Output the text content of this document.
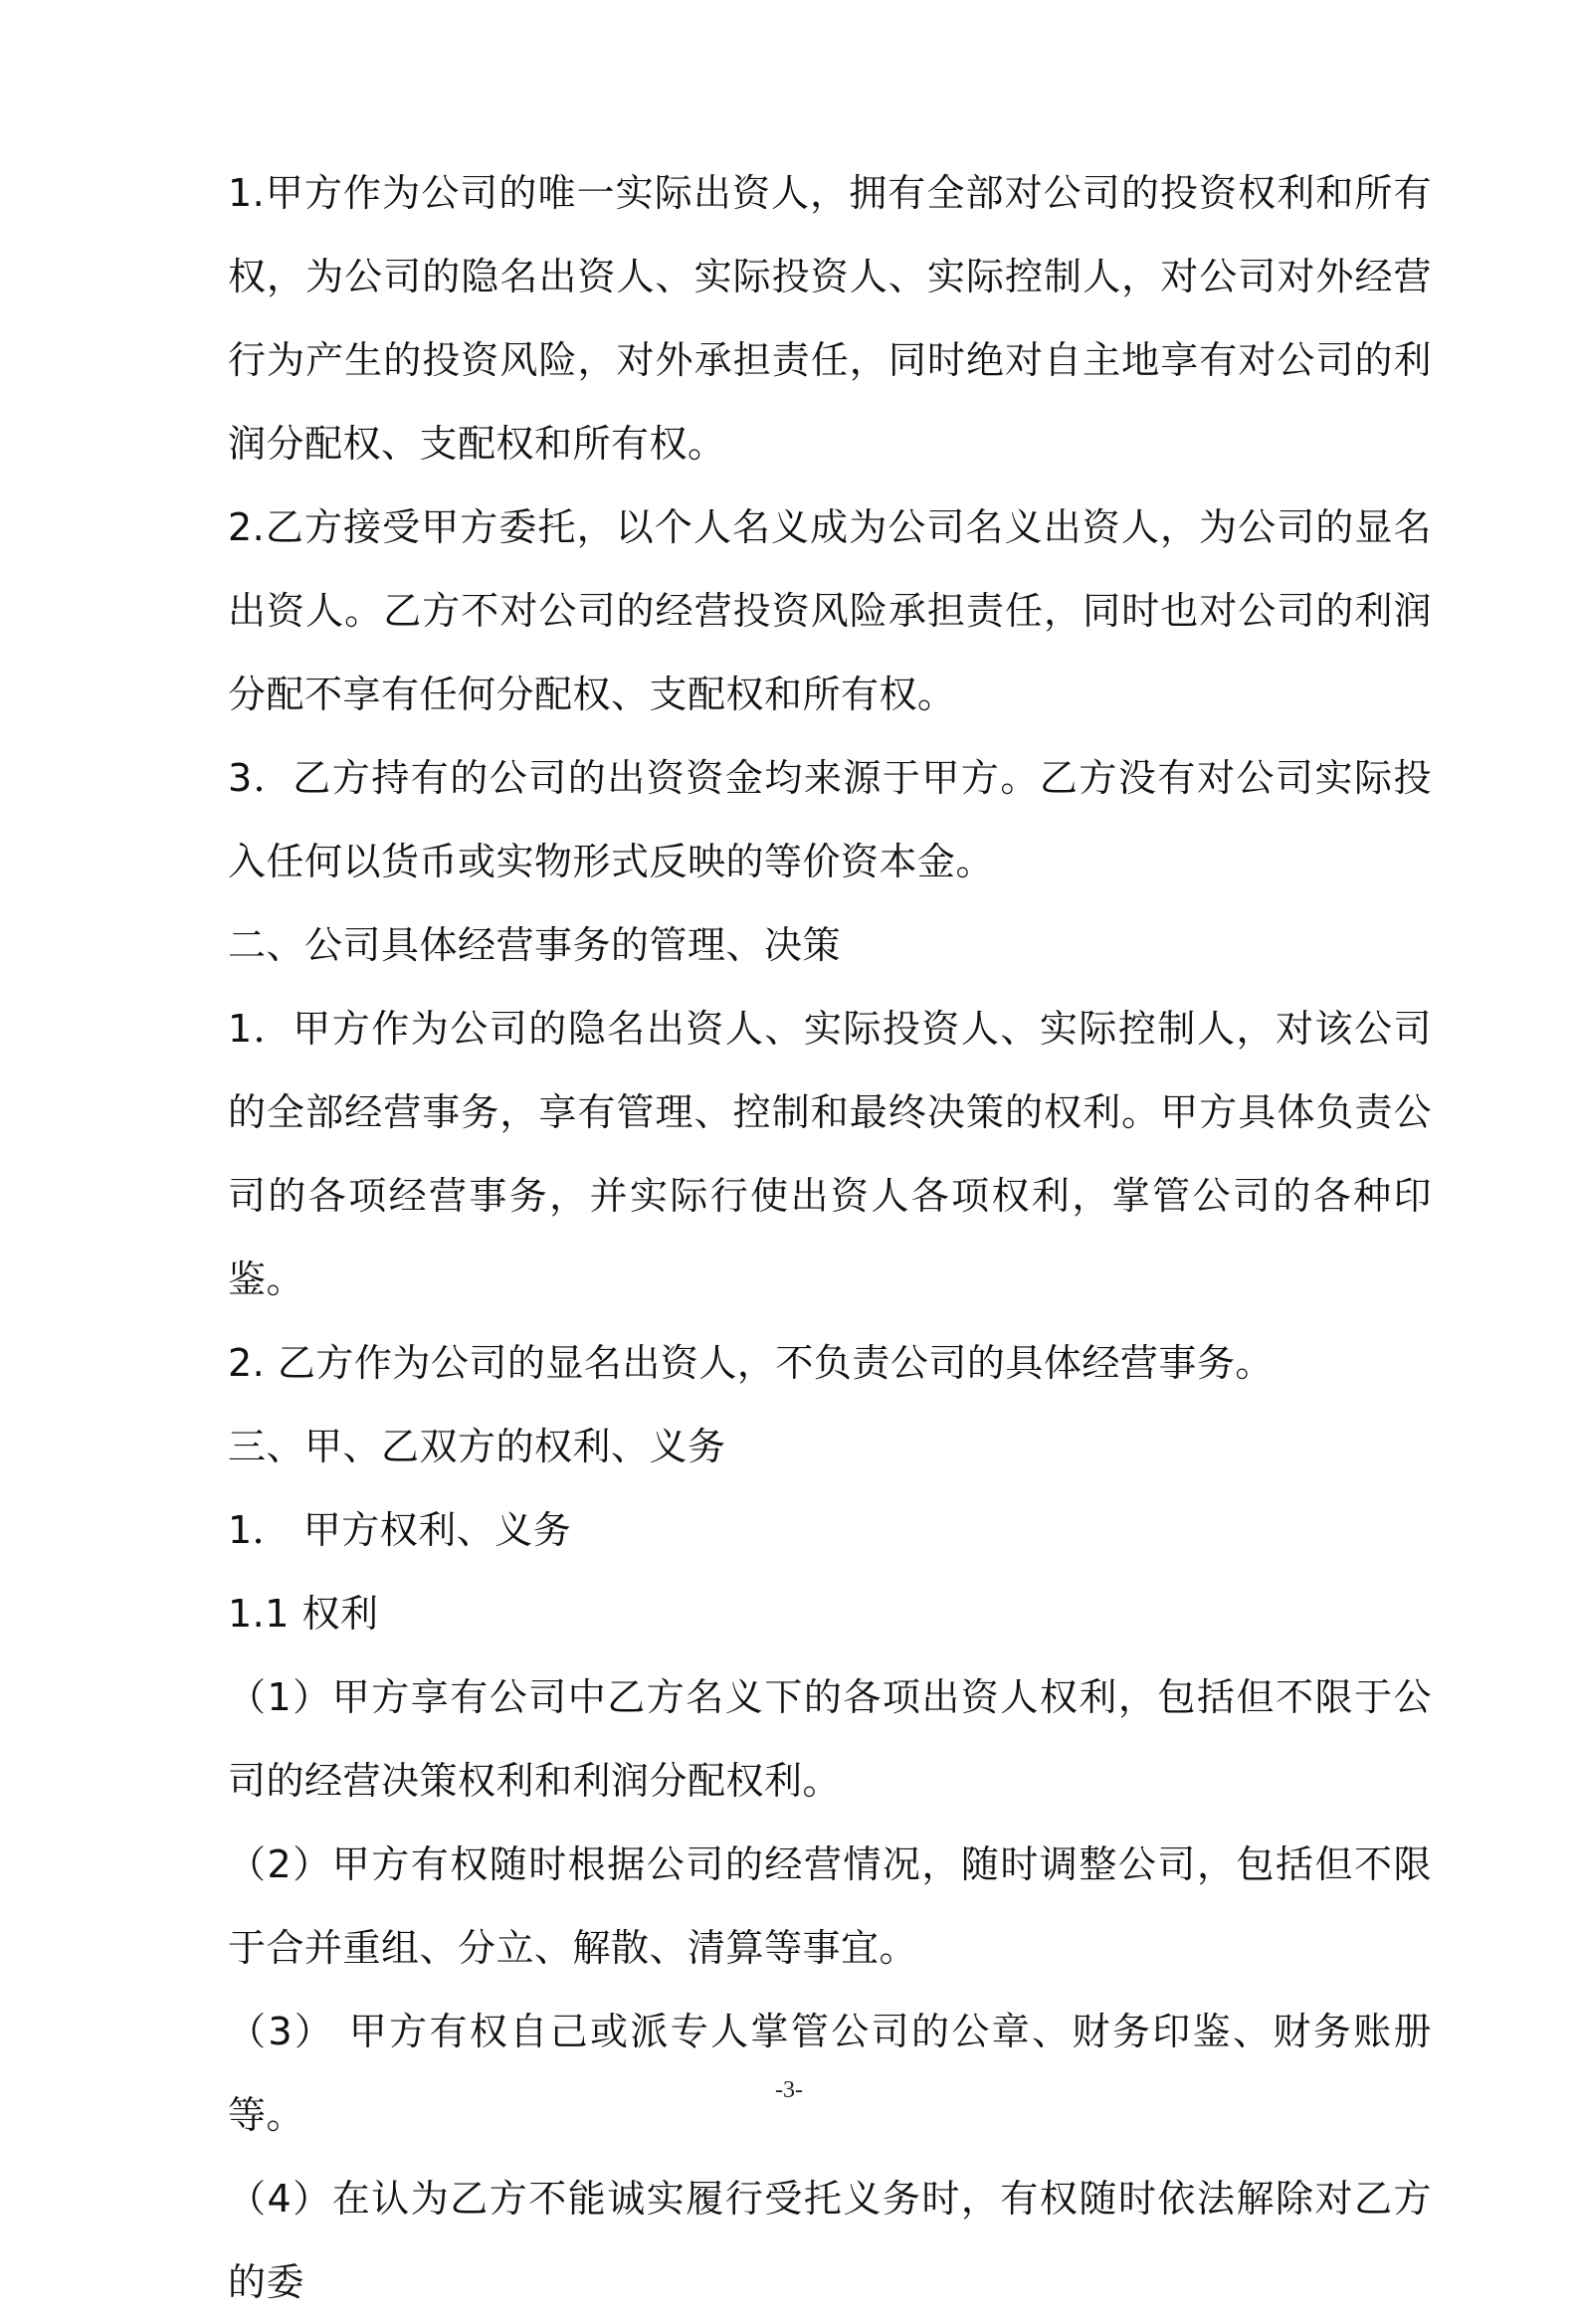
1.甲方作为公司的唯一实际出资人，拥有全部对公司的投资权利和所有权，为公司的隐名出资人、实际投资人、实际控制人，对公司对外经营行为产生的投资风险，对外承担责任，同时绝对自主地享有对公司的利润分配权、支配权和所有权。

2.乙方接受甲方委托，以个人名义成为公司名义出资人，为公司的显名出资人。乙方不对公司的经营投资风险承担责任，同时也对公司的利润分配不享有任何分配权、支配权和所有权。

3．乙方持有的公司的出资资金均来源于甲方。乙方没有对公司实际投入任何以货币或实物形式反映的等价资本金。

二、公司具体经营事务的管理、决策

1．甲方作为公司的隐名出资人、实际投资人、实际控制人，对该公司的全部经营事务，享有管理、控制和最终决策的权利。甲方具体负责公司的各项经营事务，并实际行使出资人各项权利，掌管公司的各种印鉴。

2. 乙方作为公司的显名出资人，不负责公司的具体经营事务。

三、甲、乙双方的权利、义务

1． 甲方权利、义务

1.1 权利

（1）甲方享有公司中乙方名义下的各项出资人权利，包括但不限于公司的经营决策权利和利润分配权利。

（2）甲方有权随时根据公司的经营情况，随时调整公司，包括但不限于合并重组、分立、解散、清算等事宜。

（3） 甲方有权自己或派专人掌管公司的公章、财务印鉴、财务账册等。

（4）在认为乙方不能诚实履行受托义务时，有权随时依法解除对乙方的委

-3-
